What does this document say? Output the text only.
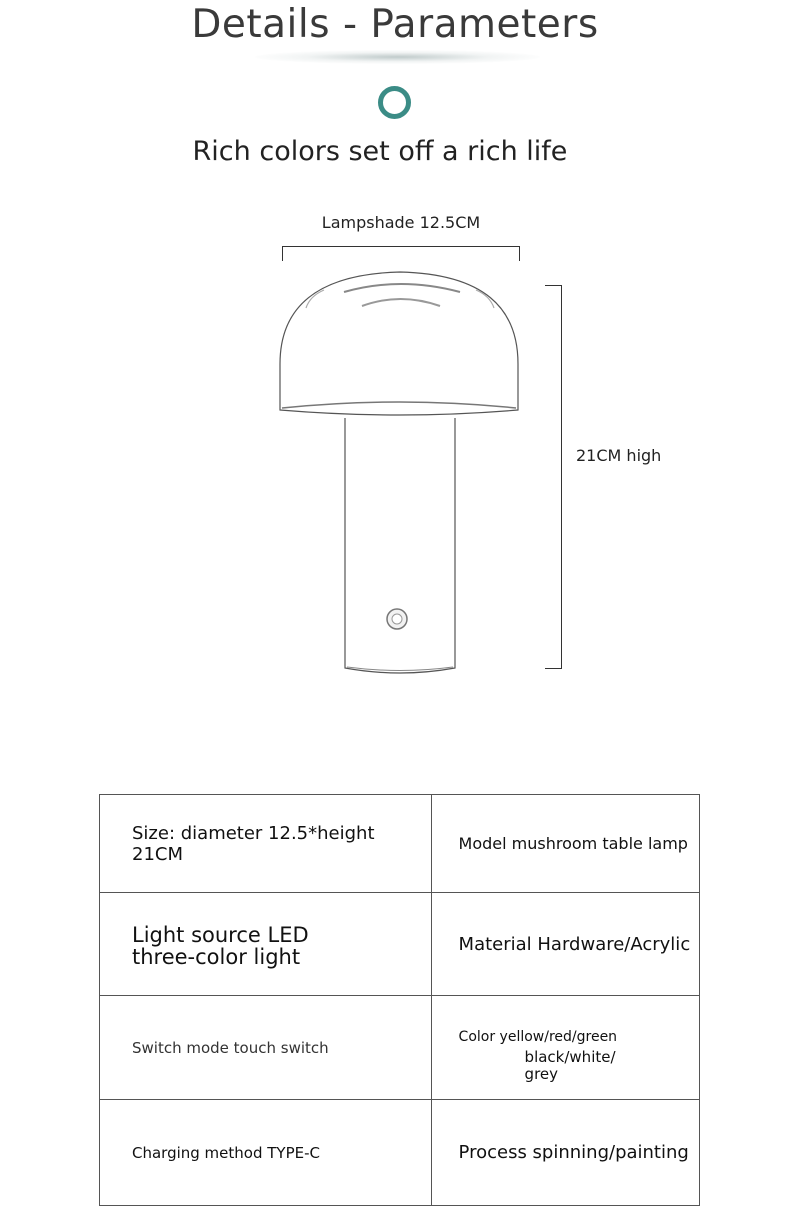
Details - Parameters
Rich colors set off a rich life
Lampshade 12.5CM
21CM high
Size: diameter 12.5*height 21CM	Model mushroom table lamp

Light source LED
three-color light	Material Hardware/Acrylic

Switch mode touch switch	Color yellow/red/green
black/white/
grey

Charging method TYPE-C	Process spinning/painting
